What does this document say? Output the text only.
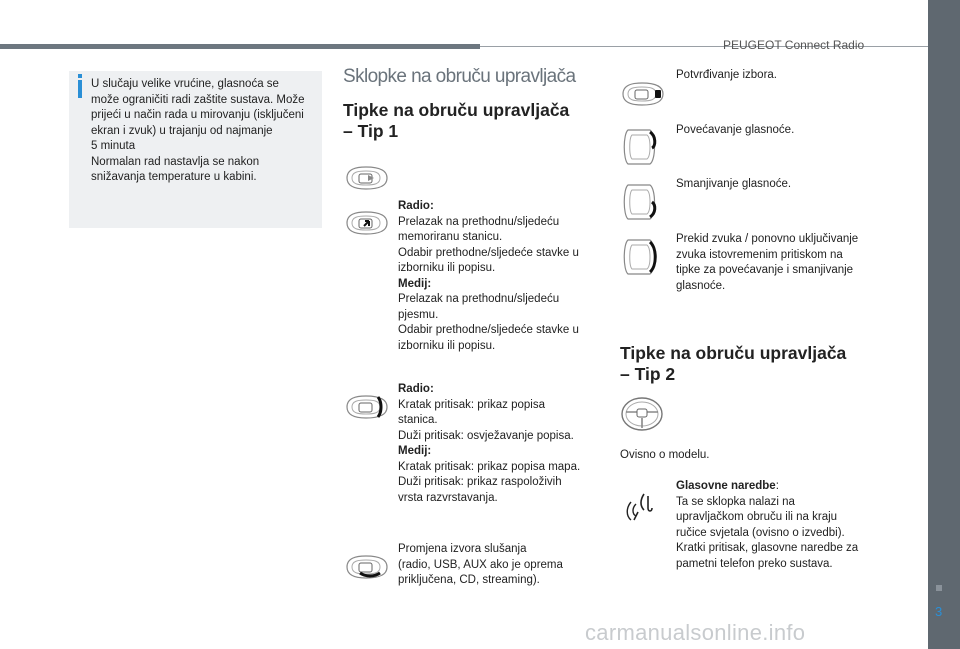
PEUGEOT Connect Radio
3
carmanualsonline.info

U slučaju velike vrućine, glasnoća se

može ograničiti radi zaštite sustava. Može

prijeći u način rada u mirovanju (isključeni

ekran i zvuk) u trajanju od najmanje

5 minuta

Normalan rad nastavlja se nakon

snižavanja temperature u kabini.

Sklopke na obruču upravljača
Tipke na obruču upravljača
– Tip 1

Radio:

Prelazak na prethodnu/sljedeću

memoriranu stanicu.

Odabir prethodne/sljedeće stavke u

izborniku ili popisu.

Medij:

Prelazak na prethodnu/sljedeću

pjesmu.

Odabir prethodne/sljedeće stavke u

izborniku ili popisu.

Radio:

Kratak pritisak: prikaz popisa

stanica.

Duži pritisak: osvježavanje popisa.

Medij:

Kratak pritisak: prikaz popisa mapa.

Duži pritisak: prikaz raspoloživih

vrsta razvrstavanja.

Promjena izvora slušanja

(radio, USB, AUX ako je oprema

priključena, CD, streaming).

Potvrđivanje izbora.

Povećavanje glasnoće.

Smanjivanje glasnoće.

Prekid zvuka / ponovno uključivanje

zvuka istovremenim pritiskom na

tipke za povećavanje i smanjivanje

glasnoće.

Tipke na obruču upravljača
– Tip 2
Ovisno o modelu.

Glasovne naredbe:

Ta se sklopka nalazi na

upravljačkom obruču ili na kraju

ručice svjetala (ovisno o izvedbi).

Kratki pritisak, glasovne naredbe za

pametni telefon preko sustava.
